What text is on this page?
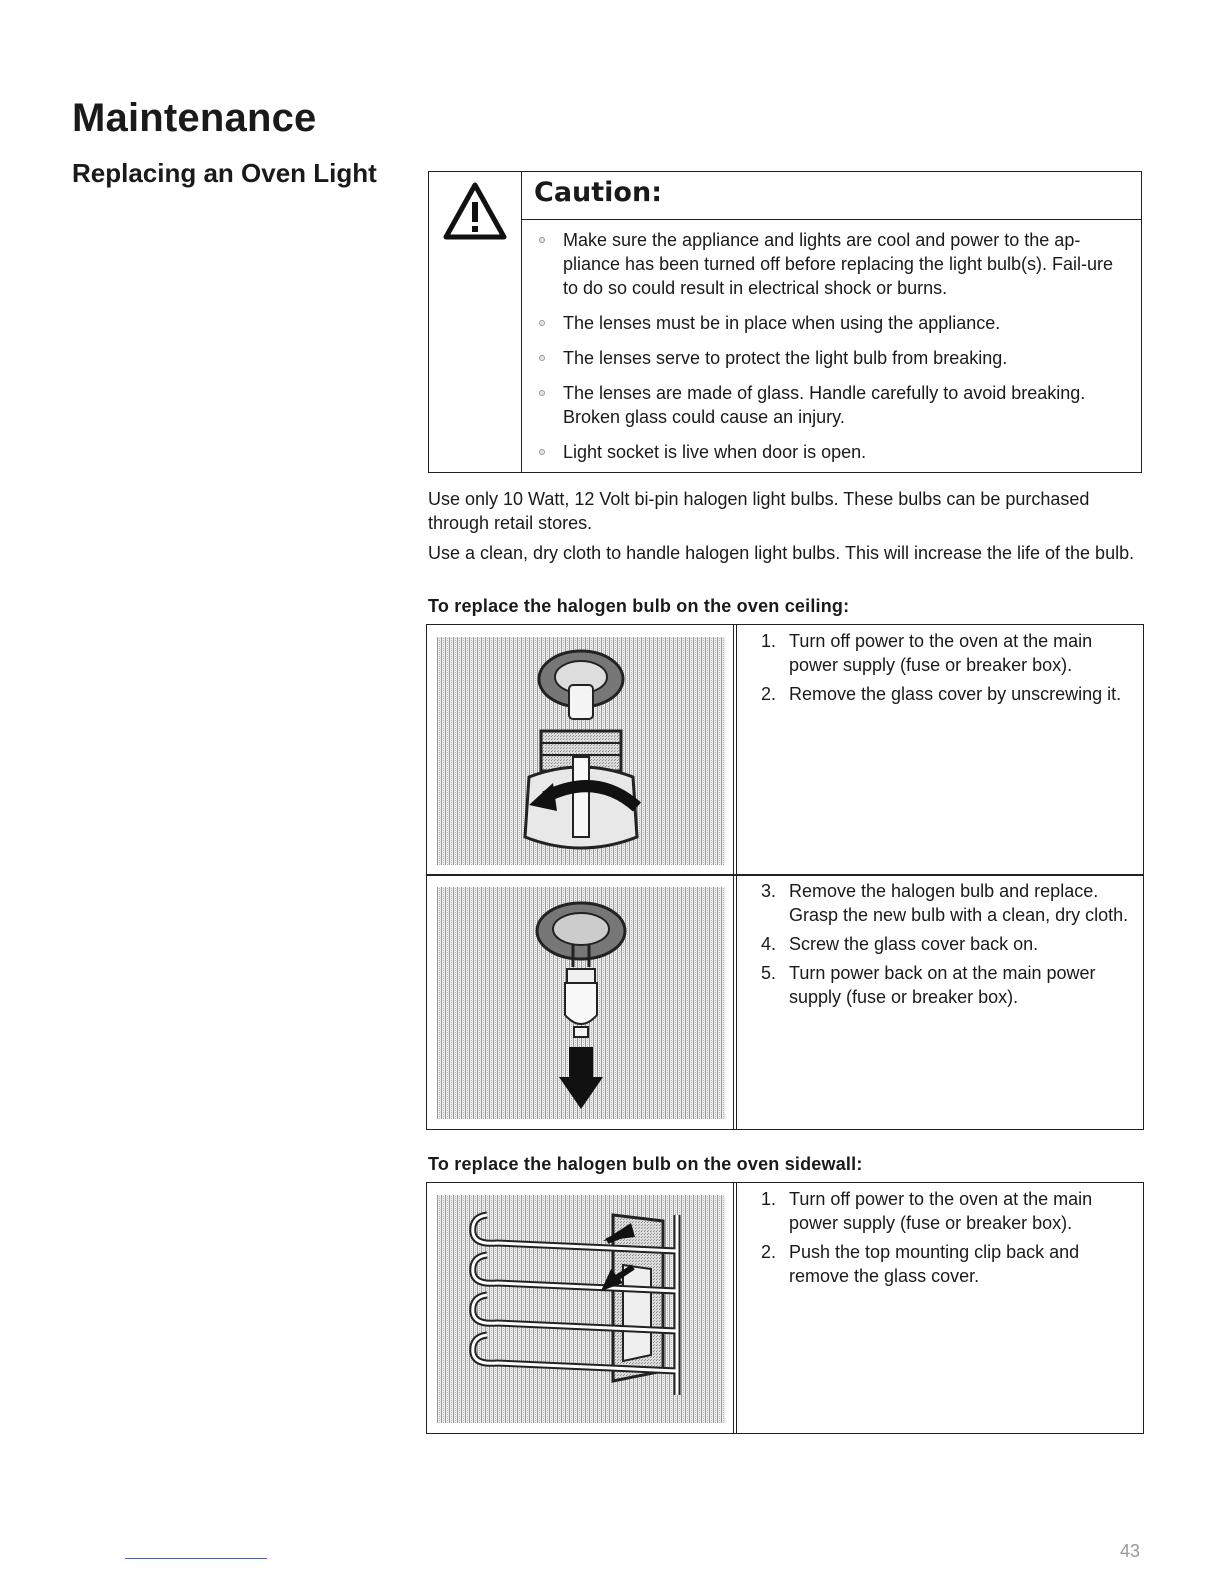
Maintenance
Replacing an Oven Light
Caution:
Make sure the appliance and lights are cool and power to the ap-pliance has been turned off before replacing the light bulb(s). Fail-ure to do so could result in electrical shock or burns.
The lenses must be in place when using the appliance.
The lenses serve to protect the light bulb from breaking.
The lenses are made of glass. Handle carefully to avoid breaking. Broken glass could cause an injury.
Light socket is live when door is open.

Use only 10 Watt, 12 Volt bi-pin halogen light bulbs. These bulbs can be purchased through retail stores.

Use a clean, dry cloth to handle halogen light bulbs. This will increase the life of the bulb.

To replace the halogen bulb on the oven ceiling:
1. Turn off power to the oven at the main power supply (fuse or breaker box).
2. Remove the glass cover by unscrewing it.
3. Remove the halogen bulb and replace. Grasp the new bulb with a clean, dry cloth.
4. Screw the glass cover back on.
5. Turn power back on at the main power supply (fuse or breaker box).
To replace the halogen bulb on the oven sidewall:
1. Turn off power to the oven at the main power supply (fuse or breaker box).
2. Push the top mounting clip back and remove the glass cover.
43
